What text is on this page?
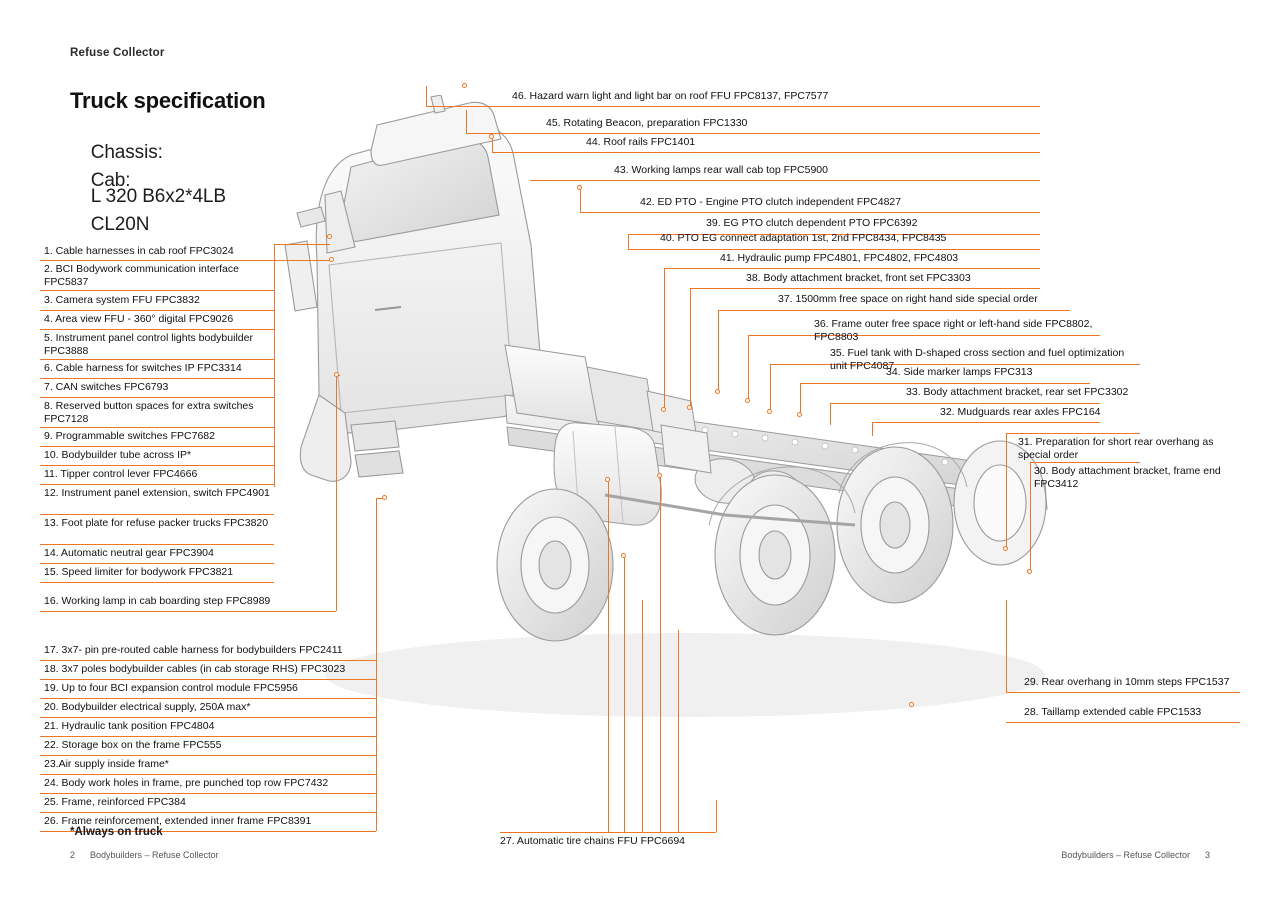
Refuse Collector
Truck specification

Chassis:

L 320 B6x2*4LB

Cab:

CL20N

1. Cable harnesses in cab roof FPC3024
2. BCI Bodywork communication interface FPC5837
3. Camera system FFU FPC3832
4. Area view FFU - 360° digital FPC9026
5. Instrument panel control lights bodybuilder FPC3888
6. Cable harness for switches IP FPC3314
7. CAN switches FPC6793
8. Reserved button spaces for extra switches FPC7128
9. Programmable switches FPC7682
10. Bodybuilder tube across IP*
11. Tipper control lever FPC4666
12. Instrument panel extension, switch FPC4901
13. Foot plate for refuse packer trucks FPC3820
14. Automatic neutral gear FPC3904
15. Speed limiter for bodywork FPC3821
16. Working lamp in cab boarding step FPC8989
17. 3x7- pin pre-routed cable harness for bodybuilders FPC2411
18. 3x7 poles bodybuilder cables (in cab storage RHS) FPC3023
19. Up to four BCI expansion control module FPC5956
20. Bodybuilder electrical supply, 250A max*
21. Hydraulic tank position FPC4804
22. Storage box on the frame FPC555
23.Air supply inside frame*
24. Body work holes in frame, pre punched top row FPC7432
25. Frame, reinforced FPC384
26. Frame reinforcement, extended inner frame FPC8391
27. Automatic tire chains FFU FPC6694
46. Hazard warn light and light bar on roof FFU FPC8137, FPC7577
45. Rotating Beacon, preparation FPC1330
44. Roof rails FPC1401
43. Working lamps rear wall cab top FPC5900
42. ED PTO - Engine PTO clutch independent FPC4827
39. EG PTO clutch dependent PTO FPC6392
40. PTO EG connect adaptation 1st, 2nd FPC8434, FPC8435
41. Hydraulic pump FPC4801, FPC4802, FPC4803
38. Body attachment bracket, front set FPC3303
37. 1500mm free space on right hand side special order
36. Frame outer free space right or left-hand side FPC8802, FPC8803
35. Fuel tank with D-shaped cross section and fuel optimization unit FPC4087
34. Side marker lamps FPC313
33. Body attachment bracket, rear set FPC3302
32. Mudguards rear axles FPC164
31. Preparation for short rear overhang as special order
30. Body attachment bracket, frame end FPC3412
29. Rear overhang in 10mm steps FPC1537
28. Taillamp extended cable FPC1533
*Always on truck
2 Bodybuilders – Refuse Collector	Bodybuilders – Refuse Collector 3
